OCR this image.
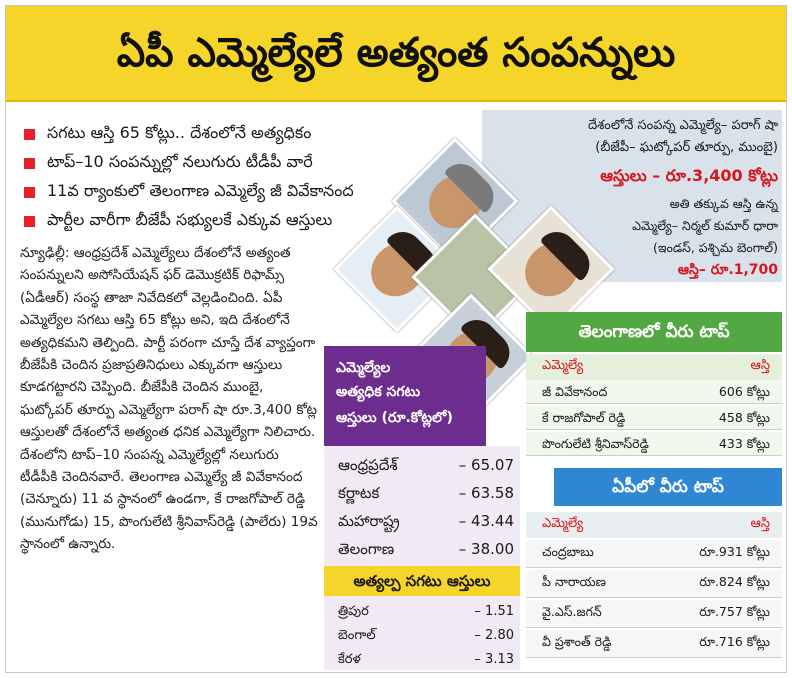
ఏపీ ఎమ్మెల్యేలే అత్యంత సంపన్నులు
సగటు ఆస్తి 65 కోట్లు.. దేశంలోనే అత్యధికం
టాప్–10 సంపన్నుల్లో నలుగురు టీడీపీ వారే
11వ ర్యాంకులో తెలంగాణ ఎమ్మెల్యే జీ వివేకానంద
పార్టీల వారీగా బీజేపీ సభ్యులకే ఎక్కువ ఆస్తులు
న్యూఢిల్లీ: ఆంధ్రప్రదేశ్ ఎమ్మెల్యేలు దేశంలోనే అత్యంత సంపన్నులని అసోసియేషన్ ఫర్ డెమొక్రటిక్ రిఫామ్స్ (ఏడీఆర్) సంస్థ తాజా నివేదికలో వెల్లడించింది. ఏపీ ఎమ్మెల్యేల సగటు ఆస్తి 65 కోట్లు అని, ఇది దేశంలోనే అత్యధికమని తెల్పింది. పార్టీ పరంగా చూస్తే దేశ వ్యాప్తంగా బీజేపీకి చెందిన ప్రజాప్రతినిధులు ఎక్కువగా ఆస్తులు కూడగట్టారని చెప్పింది. బీజేపీకి చెందిన ముంబై, ఘట్కోపర్ తూర్పు ఎమ్మెల్యేగా పరాగ్ షా రూ.3,400 కోట్ల ఆస్తులతో దేశంలోనే అత్యంత ధనిక ఎమ్మెల్యేగా నిలిచారు. దేశంలోని టాప్–10 సంపన్న ఎమ్మెల్యేల్లో నలుగురు టీడీపీకి చెందినవారే. తెలంగాణ ఎమ్మెల్యే జీ వివేకానంద (చెన్నూరు) 11 వ స్థానంలో ఉండగా, కే రాజగోపాల్ రెడ్డి (మునుగోడు) 15, పొంగులేటి శ్రీనివాస్‌రెడ్డి (పాలేరు) 19వ స్థానంలో ఉన్నారు.
దేశంలోనే సంపన్న ఎమ్మెల్యే– పరాగ్ షా
(బీజేపీ– ఘట్కోపర్ తూర్పు, ముంబై)
ఆస్తులు – రూ.3,400 కోట్లు
అతి తక్కువ ఆస్తి ఉన్న
ఎమ్మెల్యే– నిర్మల్ కుమార్ ధారా
(ఇండస్, పశ్చిమ బెంగాల్)
ఆస్తి– రూ.1,700
ఎమ్మెల్యేల
అత్యధిక సగటు
ఆస్తులు (రూ.కోట్లలో)
ఆంధ్రప్రదేశ్	– 65.07
కర్ణాటక	– 63.58
మహారాష్ట్ర	– 43.44
తెలంగాణ	– 38.00
అత్యల్ప సగటు ఆస్తులు
త్రిపుర	– 1.51
బెంగాల్	– 2.80
కేరళ	– 3.13
తెలంగాణలో వీరు టాప్
ఎమ్మెల్యే	ఆస్తి
జీ వివేకానంద	606 కోట్లు
కే రాజగోపాల్ రెడ్డి	458 కోట్లు
పొంగులేటి శ్రీనివాస్‌రెడ్డి	433 కోట్లు
ఏపీలో వీరు టాప్
ఎమ్మెల్యే	ఆస్తి
చంద్రబాబు	రూ.931 కోట్లు
పీ నారాయణ	రూ.824 కోట్లు
వై.ఎస్.జగన్	రూ.757 కోట్లు
వీ ప్రశాంత్ రెడ్డి	రూ.716 కోట్లు
